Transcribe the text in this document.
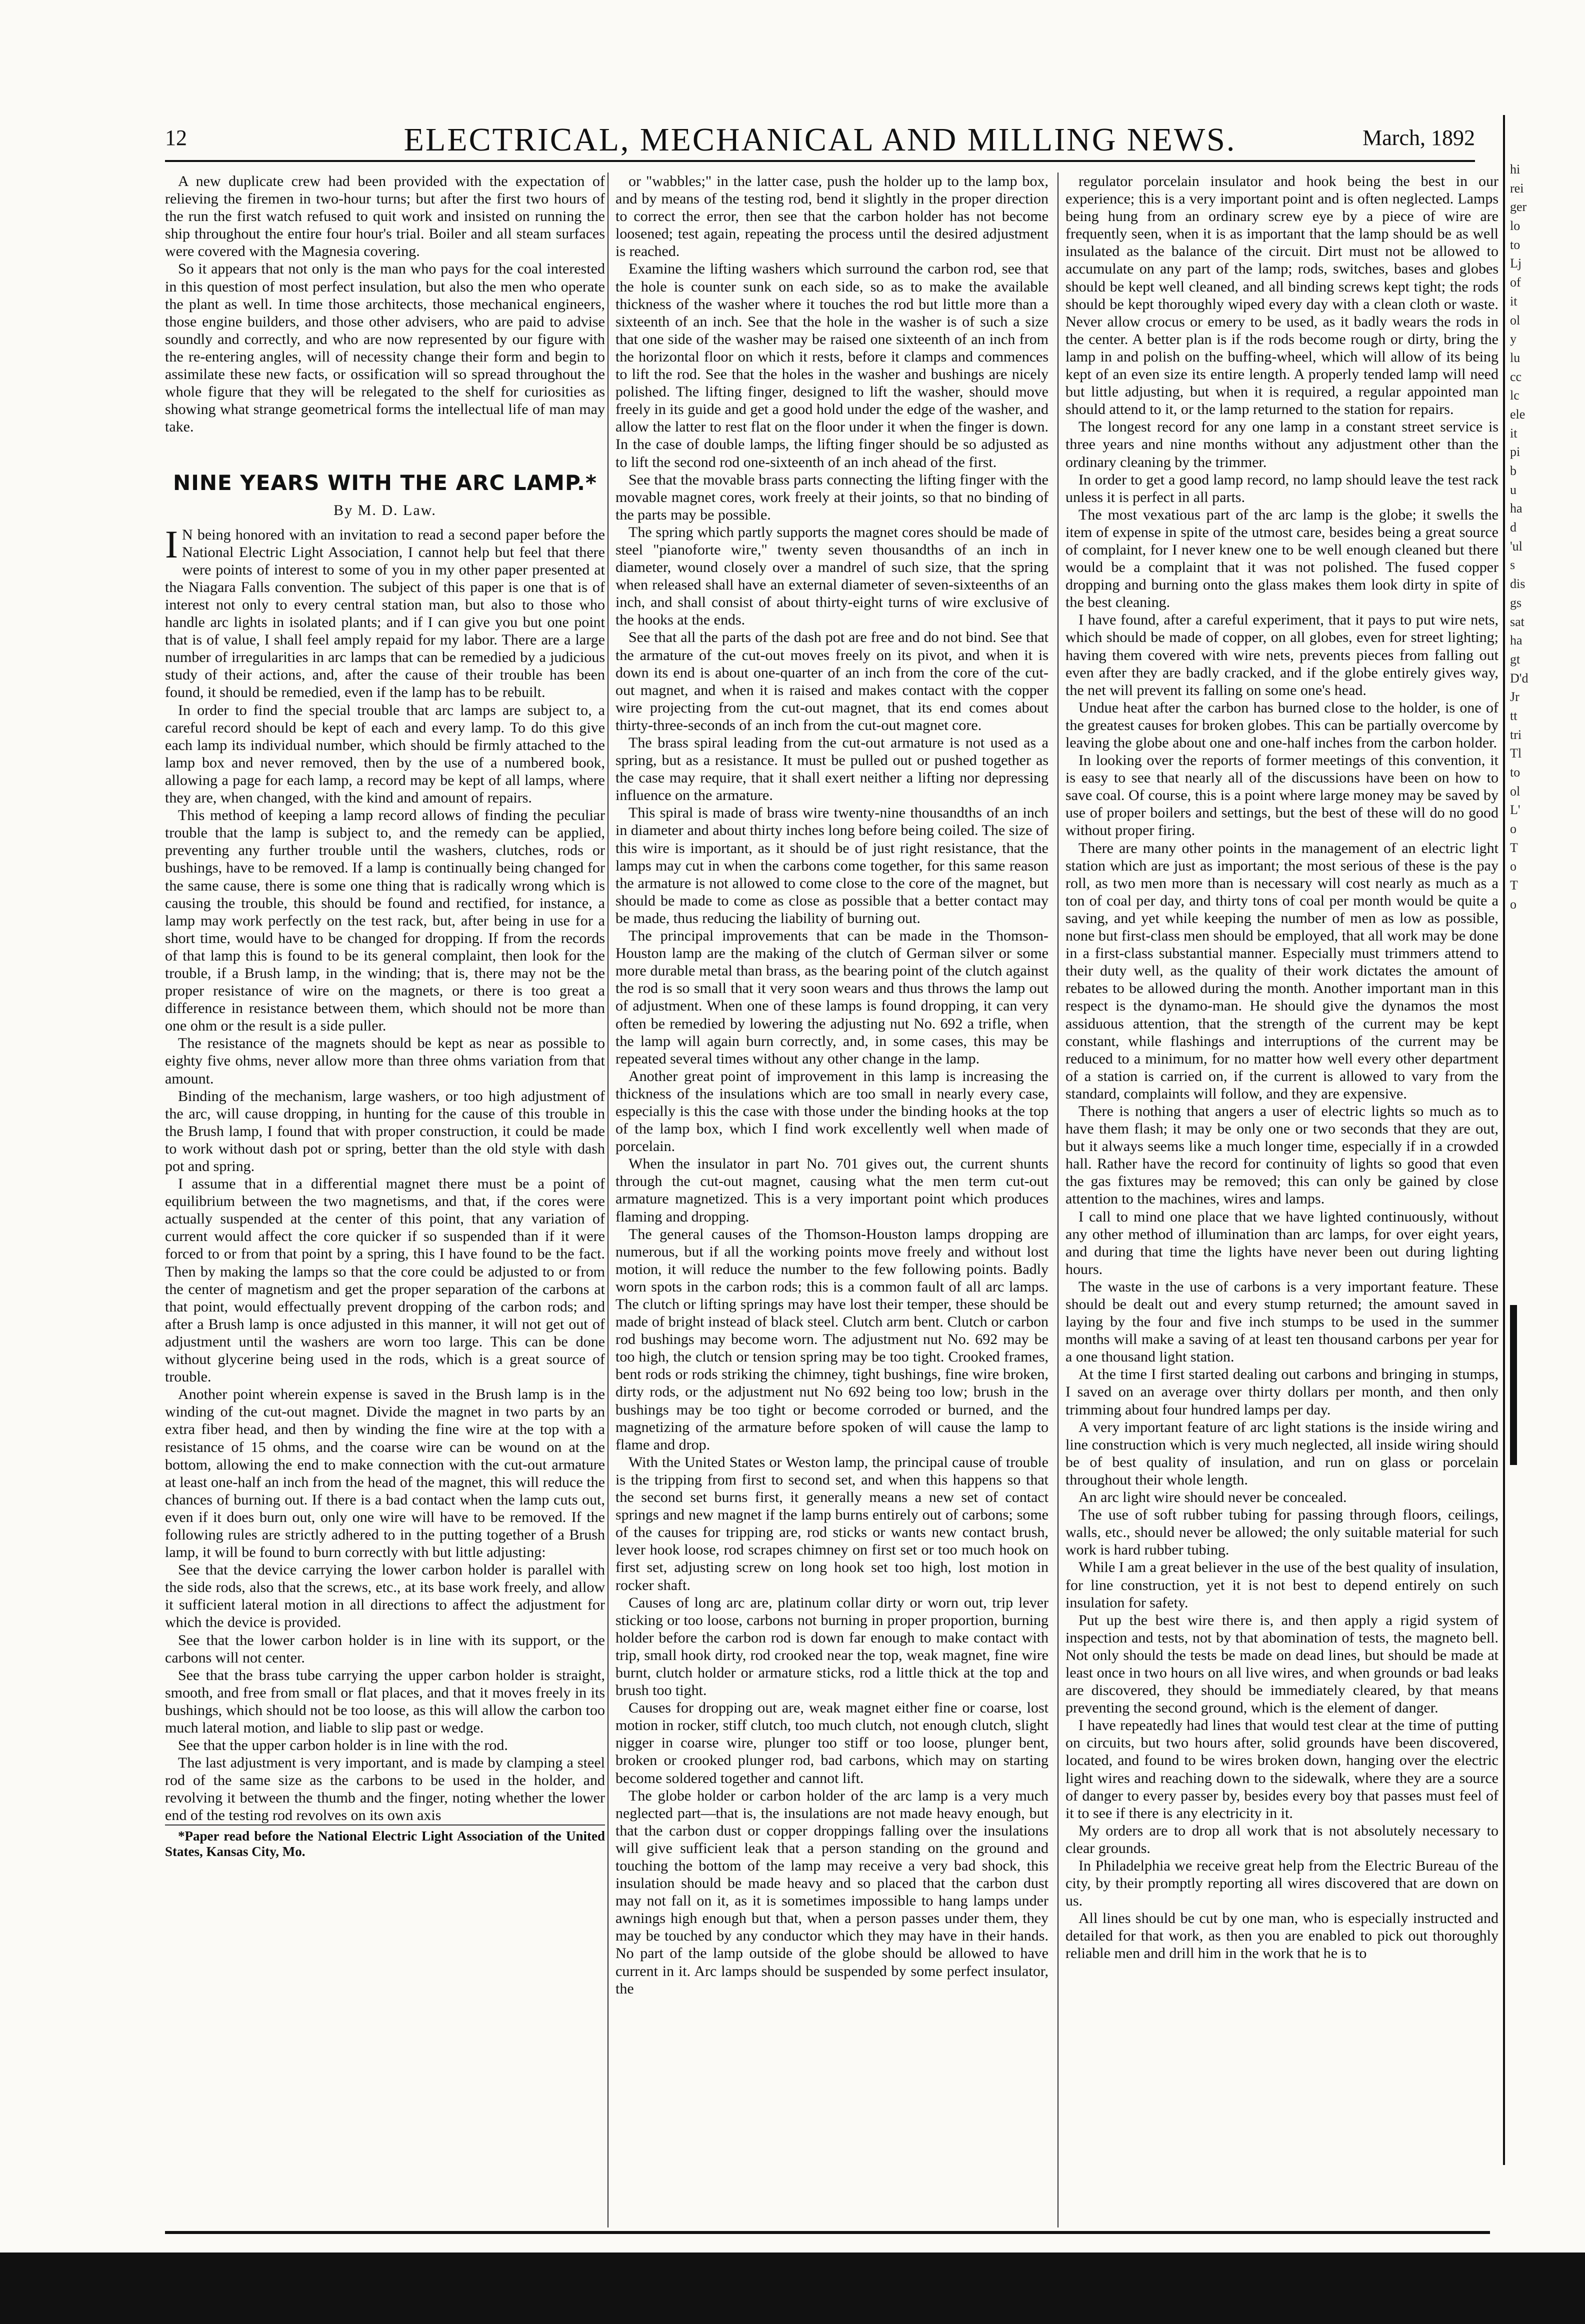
12	ELECTRICAL, MECHANICAL AND MILLING NEWS.	March, 1892

A new duplicate crew had been provided with the expectation of relieving the firemen in two-hour turns; but after the first two hours of the run the first watch refused to quit work and insisted on running the ship throughout the entire four hour's trial. Boiler and all steam surfaces were covered with the Magnesia covering.

So it appears that not only is the man who pays for the coal interested in this question of most perfect insulation, but also the men who operate the plant as well. In time those architects, those mechanical engineers, those engine builders, and those other advisers, who are paid to advise soundly and correctly, and who are now represented by our figure with the re-entering angles, will of necessity change their form and begin to assimilate these new facts, or ossification will so spread throughout the whole figure that they will be relegated to the shelf for curiosities as showing what strange geometrical forms the intellectual life of man may take.

NINE YEARS WITH THE ARC LAMP.*
By M. D. Law.

I N being honored with an invitation to read a second paper before the National Electric Light Association, I cannot help but feel that there were points of interest to some of you in my other paper presented at the Niagara Falls convention. The subject of this paper is one that is of interest not only to every central station man, but also to those who handle arc lights in isolated plants; and if I can give you but one point that is of value, I shall feel amply repaid for my labor. There are a large number of irregularities in arc lamps that can be remedied by a judicious study of their actions, and, after the cause of their trouble has been found, it should be remedied, even if the lamp has to be rebuilt.

In order to find the special trouble that arc lamps are subject to, a careful record should be kept of each and every lamp. To do this give each lamp its individual number, which should be firmly attached to the lamp box and never removed, then by the use of a numbered book, allowing a page for each lamp, a record may be kept of all lamps, where they are, when changed, with the kind and amount of repairs.

This method of keeping a lamp record allows of finding the peculiar trouble that the lamp is subject to, and the remedy can be applied, preventing any further trouble until the washers, clutches, rods or bushings, have to be removed. If a lamp is continually being changed for the same cause, there is some one thing that is radically wrong which is causing the trouble, this should be found and rectified, for instance, a lamp may work perfectly on the test rack, but, after being in use for a short time, would have to be changed for dropping. If from the records of that lamp this is found to be its general complaint, then look for the trouble, if a Brush lamp, in the winding; that is, there may not be the proper resistance of wire on the magnets, or there is too great a difference in resistance between them, which should not be more than one ohm or the result is a side puller.

The resistance of the magnets should be kept as near as possible to eighty five ohms, never allow more than three ohms variation from that amount.

Binding of the mechanism, large washers, or too high adjustment of the arc, will cause dropping, in hunting for the cause of this trouble in the Brush lamp, I found that with proper construction, it could be made to work without dash pot or spring, better than the old style with dash pot and spring.

I assume that in a differential magnet there must be a point of equilibrium between the two magnetisms, and that, if the cores were actually suspended at the center of this point, that any variation of current would affect the core quicker if so suspended than if it were forced to or from that point by a spring, this I have found to be the fact. Then by making the lamps so that the core could be adjusted to or from the center of magnetism and get the proper separation of the carbons at that point, would effectually prevent dropping of the carbon rods; and after a Brush lamp is once adjusted in this manner, it will not get out of adjustment until the washers are worn too large. This can be done without glycerine being used in the rods, which is a great source of trouble.

Another point wherein expense is saved in the Brush lamp is in the winding of the cut-out magnet. Divide the magnet in two parts by an extra fiber head, and then by winding the fine wire at the top with a resistance of 15 ohms, and the coarse wire can be wound on at the bottom, allowing the end to make connection with the cut-out armature at least one-half an inch from the head of the magnet, this will reduce the chances of burning out. If there is a bad contact when the lamp cuts out, even if it does burn out, only one wire will have to be removed. If the following rules are strictly adhered to in the putting together of a Brush lamp, it will be found to burn correctly with but little adjusting:

See that the device carrying the lower carbon holder is parallel with the side rods, also that the screws, etc., at its base work freely, and allow it sufficient lateral motion in all directions to affect the adjustment for which the device is provided.

See that the lower carbon holder is in line with its support, or the carbons will not center.

See that the brass tube carrying the upper carbon holder is straight, smooth, and free from small or flat places, and that it moves freely in its bushings, which should not be too loose, as this will allow the carbon too much lateral motion, and liable to slip past or wedge.

See that the upper carbon holder is in line with the rod.

The last adjustment is very important, and is made by clamping a steel rod of the same size as the carbons to be used in the holder, and revolving it between the thumb and the finger, noting whether the lower end of the testing rod revolves on its own axis

*Paper read before the National Electric Light Association of the United States, Kansas City, Mo.

or "wabbles;" in the latter case, push the holder up to the lamp box, and by means of the testing rod, bend it slightly in the proper direction to correct the error, then see that the carbon holder has not become loosened; test again, repeating the process until the desired adjustment is reached.

Examine the lifting washers which surround the carbon rod, see that the hole is counter sunk on each side, so as to make the available thickness of the washer where it touches the rod but little more than a sixteenth of an inch. See that the hole in the washer is of such a size that one side of the washer may be raised one sixteenth of an inch from the horizontal floor on which it rests, before it clamps and commences to lift the rod. See that the holes in the washer and bushings are nicely polished. The lifting finger, designed to lift the washer, should move freely in its guide and get a good hold under the edge of the washer, and allow the latter to rest flat on the floor under it when the finger is down. In the case of double lamps, the lifting finger should be so adjusted as to lift the second rod one-sixteenth of an inch ahead of the first.

See that the movable brass parts connecting the lifting finger with the movable magnet cores, work freely at their joints, so that no binding of the parts may be possible.

The spring which partly supports the magnet cores should be made of steel "pianoforte wire," twenty seven thousandths of an inch in diameter, wound closely over a mandrel of such size, that the spring when released shall have an external diameter of seven-sixteenths of an inch, and shall consist of about thirty-eight turns of wire exclusive of the hooks at the ends.

See that all the parts of the dash pot are free and do not bind. See that the armature of the cut-out moves freely on its pivot, and when it is down its end is about one-quarter of an inch from the core of the cut-out magnet, and when it is raised and makes contact with the copper wire projecting from the cut-out magnet, that its end comes about thirty-three-seconds of an inch from the cut-out magnet core.

The brass spiral leading from the cut-out armature is not used as a spring, but as a resistance. It must be pulled out or pushed together as the case may require, that it shall exert neither a lifting nor depressing influence on the armature.

This spiral is made of brass wire twenty-nine thousandths of an inch in diameter and about thirty inches long before being coiled. The size of this wire is important, as it should be of just right resistance, that the lamps may cut in when the carbons come together, for this same reason the armature is not allowed to come close to the core of the magnet, but should be made to come as close as possible that a better contact may be made, thus reducing the liability of burning out.

The principal improvements that can be made in the Thomson-Houston lamp are the making of the clutch of German silver or some more durable metal than brass, as the bearing point of the clutch against the rod is so small that it very soon wears and thus throws the lamp out of adjustment. When one of these lamps is found dropping, it can very often be remedied by lowering the adjusting nut No. 692 a trifle, when the lamp will again burn correctly, and, in some cases, this may be repeated several times without any other change in the lamp.

Another great point of improvement in this lamp is increasing the thickness of the insulations which are too small in nearly every case, especially is this the case with those under the binding hooks at the top of the lamp box, which I find work excellently well when made of porcelain.

When the insulator in part No. 701 gives out, the current shunts through the cut-out magnet, causing what the men term cut-out armature magnetized. This is a very important point which produces flaming and dropping.

The general causes of the Thomson-Houston lamps dropping are numerous, but if all the working points move freely and without lost motion, it will reduce the number to the few following points. Badly worn spots in the carbon rods; this is a common fault of all arc lamps. The clutch or lifting springs may have lost their temper, these should be made of bright instead of black steel. Clutch arm bent. Clutch or carbon rod bushings may become worn. The adjustment nut No. 692 may be too high, the clutch or tension spring may be too tight. Crooked frames, bent rods or rods striking the chimney, tight bushings, fine wire broken, dirty rods, or the adjustment nut No 692 being too low; brush in the bushings may be too tight or become corroded or burned, and the magnetizing of the armature before spoken of will cause the lamp to flame and drop.

With the United States or Weston lamp, the principal cause of trouble is the tripping from first to second set, and when this happens so that the second set burns first, it generally means a new set of contact springs and new magnet if the lamp burns entirely out of carbons; some of the causes for tripping are, rod sticks or wants new contact brush, lever hook loose, rod scrapes chimney on first set or too much hook on first set, adjusting screw on long hook set too high, lost motion in rocker shaft.

Causes of long arc are, platinum collar dirty or worn out, trip lever sticking or too loose, carbons not burning in proper proportion, burning holder before the carbon rod is down far enough to make contact with trip, small hook dirty, rod crooked near the top, weak magnet, fine wire burnt, clutch holder or armature sticks, rod a little thick at the top and brush too tight.

Causes for dropping out are, weak magnet either fine or coarse, lost motion in rocker, stiff clutch, too much clutch, not enough clutch, slight nigger in coarse wire, plunger too stiff or too loose, plunger bent, broken or crooked plunger rod, bad carbons, which may on starting become soldered together and cannot lift.

The globe holder or carbon holder of the arc lamp is a very much neglected part—that is, the insulations are not made heavy enough, but that the carbon dust or copper droppings falling over the insulations will give sufficient leak that a person standing on the ground and touching the bottom of the lamp may receive a very bad shock, this insulation should be made heavy and so placed that the carbon dust may not fall on it, as it is sometimes impossible to hang lamps under awnings high enough but that, when a person passes under them, they may be touched by any conductor which they may have in their hands. No part of the lamp outside of the globe should be allowed to have current in it. Arc lamps should be suspended by some perfect insulator, the

regulator porcelain insulator and hook being the best in our experience; this is a very important point and is often neglected. Lamps being hung from an ordinary screw eye by a piece of wire are frequently seen, when it is as important that the lamp should be as well insulated as the balance of the circuit. Dirt must not be allowed to accumulate on any part of the lamp; rods, switches, bases and globes should be kept well cleaned, and all binding screws kept tight; the rods should be kept thoroughly wiped every day with a clean cloth or waste. Never allow crocus or emery to be used, as it badly wears the rods in the center. A better plan is if the rods become rough or dirty, bring the lamp in and polish on the buffing-wheel, which will allow of its being kept of an even size its entire length. A properly tended lamp will need but little adjusting, but when it is required, a regular appointed man should attend to it, or the lamp returned to the station for repairs.

The longest record for any one lamp in a constant street service is three years and nine months without any adjustment other than the ordinary cleaning by the trimmer.

In order to get a good lamp record, no lamp should leave the test rack unless it is perfect in all parts.

The most vexatious part of the arc lamp is the globe; it swells the item of expense in spite of the utmost care, besides being a great source of complaint, for I never knew one to be well enough cleaned but there would be a complaint that it was not polished. The fused copper dropping and burning onto the glass makes them look dirty in spite of the best cleaning.

I have found, after a careful experiment, that it pays to put wire nets, which should be made of copper, on all globes, even for street lighting; having them covered with wire nets, prevents pieces from falling out even after they are badly cracked, and if the globe entirely gives way, the net will prevent its falling on some one's head.

Undue heat after the carbon has burned close to the holder, is one of the greatest causes for broken globes. This can be partially overcome by leaving the globe about one and one-half inches from the carbon holder.

In looking over the reports of former meetings of this convention, it is easy to see that nearly all of the discussions have been on how to save coal. Of course, this is a point where large money may be saved by use of proper boilers and settings, but the best of these will do no good without proper firing.

There are many other points in the management of an electric light station which are just as important; the most serious of these is the pay roll, as two men more than is necessary will cost nearly as much as a ton of coal per day, and thirty tons of coal per month would be quite a saving, and yet while keeping the number of men as low as possible, none but first-class men should be employed, that all work may be done in a first-class substantial manner. Especially must trimmers attend to their duty well, as the quality of their work dictates the amount of rebates to be allowed during the month. Another important man in this respect is the dynamo-man. He should give the dynamos the most assiduous attention, that the strength of the current may be kept constant, while flashings and interruptions of the current may be reduced to a minimum, for no matter how well every other department of a station is carried on, if the current is allowed to vary from the standard, complaints will follow, and they are expensive.

There is nothing that angers a user of electric lights so much as to have them flash; it may be only one or two seconds that they are out, but it always seems like a much longer time, especially if in a crowded hall. Rather have the record for continuity of lights so good that even the gas fixtures may be removed; this can only be gained by close attention to the machines, wires and lamps.

I call to mind one place that we have lighted continuously, without any other method of illumination than arc lamps, for over eight years, and during that time the lights have never been out during lighting hours.

The waste in the use of carbons is a very important feature. These should be dealt out and every stump returned; the amount saved in laying by the four and five inch stumps to be used in the summer months will make a saving of at least ten thousand carbons per year for a one thousand light station.

At the time I first started dealing out carbons and bringing in stumps, I saved on an average over thirty dollars per month, and then only trimming about four hundred lamps per day.

A very important feature of arc light stations is the inside wiring and line construction which is very much neglected, all inside wiring should be of best quality of insulation, and run on glass or porcelain throughout their whole length.

An arc light wire should never be concealed.

The use of soft rubber tubing for passing through floors, ceilings, walls, etc., should never be allowed; the only suitable material for such work is hard rubber tubing.

While I am a great believer in the use of the best quality of insulation, for line construction, yet it is not best to depend entirely on such insulation for safety.

Put up the best wire there is, and then apply a rigid system of inspection and tests, not by that abomination of tests, the magneto bell. Not only should the tests be made on dead lines, but should be made at least once in two hours on all live wires, and when grounds or bad leaks are discovered, they should be immediately cleared, by that means preventing the second ground, which is the element of danger.

I have repeatedly had lines that would test clear at the time of putting on circuits, but two hours after, solid grounds have been discovered, located, and found to be wires broken down, hanging over the electric light wires and reaching down to the sidewalk, where they are a source of danger to every passer by, besides every boy that passes must feel of it to see if there is any electricity in it.

My orders are to drop all work that is not absolutely necessary to clear grounds.

In Philadelphia we receive great help from the Electric Bureau of the city, by their promptly reporting all wires discovered that are down on us.

All lines should be cut by one man, who is especially instructed and detailed for that work, as then you are enabled to pick out thoroughly reliable men and drill him in the work that he is to

hi
rei
ger
lo
to
Lj
of
it
ol
y
lu
cc
lc
ele
it
pi
b
u
ha
d
'ul
s
dis
gs
sat
ha
gt
D'd
Jr
tt
tri
Tl
to
ol
L'
o
T
o
T
o
